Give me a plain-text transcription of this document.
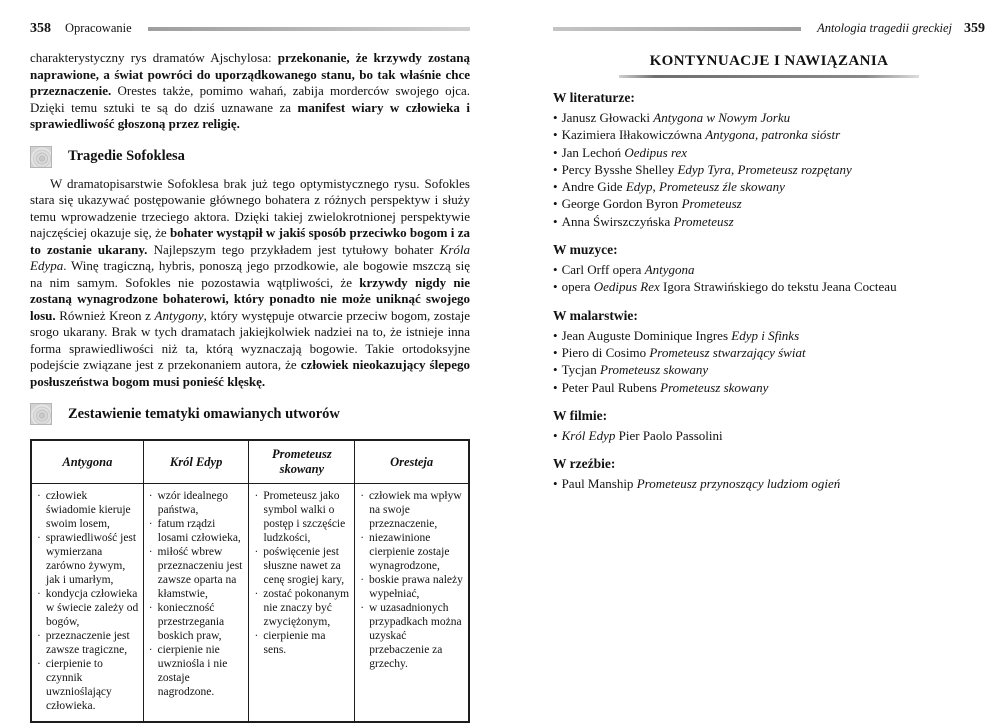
358 Opracowanie

charakterystyczny rys dramatów Ajschylosa: przekonanie, że krzywdy zostaną naprawione, a świat powróci do uporządkowanego stanu, bo tak właśnie chce przeznaczenie. Orestes także, pomimo wahań, zabija morderców swojego ojca. Dzięki temu sztuki te są do dziś uznawane za manifest wiary w człowieka i sprawiedliwość głoszoną przez religię.

Tragedie Sofoklesa

W dramatopisarstwie Sofoklesa brak już tego optymistycznego rysu. Sofokles stara się ukazywać postępowanie głównego bohatera z różnych perspektyw i służy temu wprowadzenie trzeciego aktora. Dzięki takiej zwielokrotnionej perspektywie najczęściej okazuje się, że bohater wystąpił w jakiś sposób przeciwko bogom i za to zostanie ukarany. Najlepszym tego przykładem jest tytułowy bohater Króla Edypa. Winę tragiczną, hybris, ponoszą jego przodkowie, ale bogowie mszczą się na nim samym. Sofokles nie pozostawia wątpliwości, że krzywdy nigdy nie zostaną wynagrodzone bohaterowi, który ponadto nie może uniknąć swojego losu. Również Kreon z Antygony, który występuje otwarcie przeciw bogom, zostaje srogo ukarany. Brak w tych dramatach jakiejkolwiek nadziei na to, że istnieje inna forma sprawiedliwości niż ta, którą wyznaczają bogowie. Takie ortodoksyjne podejście związane jest z przekonaniem autora, że człowiek nieokazujący ślepego posłuszeństwa bogom musi ponieść klęskę.

Zestawienie tematyki omawianych utworów
Antygona	Król Edyp	Prometeusz skowany	Oresteja

· człowiek świadomie kieruje swoim losem,
· sprawiedliwość jest wymierzana zarówno żywym, jak i umarłym,
· kondycja człowieka w świecie zależy od bogów,
· przeznaczenie jest zawsze tragiczne,
· cierpienie to czynnik uwznioślający człowieka.

· wzór idealnego państwa,
· fatum rządzi losami człowieka,
· miłość wbrew przeznaczeniu jest zawsze oparta na kłamstwie,
· konieczność przestrzegania boskich praw,
· cierpienie nie uwzniośla i nie zostaje nagrodzone.

· Prometeusz jako symbol walki o postęp i szczęście ludzkości,
· poświęcenie jest słuszne nawet za cenę srogiej kary,
· zostać pokonanym nie znaczy być zwyciężonym,
· cierpienie ma sens.

· człowiek ma wpływ na swoje przeznaczenie,
· niezawinione cierpienie zostaje wynagrodzone,
· boskie prawa należy wypełniać,
· w uzasadnionych przypadkach można uzyskać przebaczenie za grzechy.
Antologia tragedii greckiej 359
KONTYNUACJE I NAWIĄZANIA
W literaturze:
• Janusz Głowacki Antygona w Nowym Jorku
• Kazimiera Iłłakowiczówna Antygona, patronka sióstr
• Jan Lechoń Oedipus rex
• Percy Bysshe Shelley Edyp Tyra, Prometeusz rozpętany
• Andre Gide Edyp, Prometeusz źle skowany
• George Gordon Byron Prometeusz
• Anna Świrszczyńska Prometeusz
W muzyce:
• Carl Orff opera Antygona
• opera Oedipus Rex Igora Strawińskiego do tekstu Jeana Cocteau
W malarstwie:
• Jean Auguste Dominique Ingres Edyp i Sfinks
• Piero di Cosimo Prometeusz stwarzający świat
• Tycjan Prometeusz skowany
• Peter Paul Rubens Prometeusz skowany
W filmie:
• Król Edyp Pier Paolo Passolini
W rzeźbie:
• Paul Manship Prometeusz przynoszący ludziom ogień
